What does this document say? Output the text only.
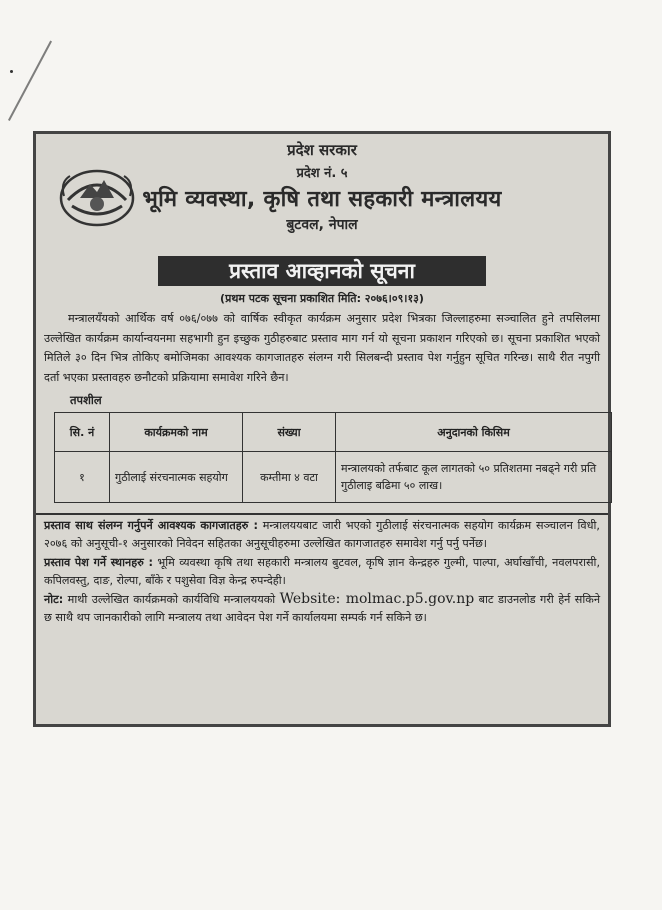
प्रदेश सरकार
प्रदेश नं. ५
भूमि व्यवस्था, कृषि तथा सहकारी मन्त्रालयय
बुटवल, नेपाल
प्रस्ताव आव्हानको सूचना
(प्रथम पटक सूचना प्रकाशित मिति: २०७६।०९।१३)
मन्त्रालयँयको आर्थिक वर्ष ०७६/०७७ को वार्षिक स्वीकृत कार्यक्रम अनुसार प्रदेश भित्रका जिल्लाहरुमा सञ्चालित हुने तपसिलमा उल्लेखित कार्यक्रम कार्यान्वयनमा सहभागी हुन इच्छुक गुठीहरुबाट प्रस्ताव माग गर्न यो सूचना प्रकाशन गरिएको छ। सूचना प्रकाशित भएको मितिले ३० दिन भित्र तोकिए बमोजिमका आवश्यक कागजातहरु संलग्न गरी सिलबन्दी प्रस्ताव पेश गर्नुहुन सूचित गरिन्छ। साथै रीत नपुगी दर्ता भएका प्रस्तावहरु छनौटको प्रक्रियामा समावेश गरिने छैन।
तपशील
सि. नं	कार्यक्रमको नाम	संख्या	अनुदानको किसिम
१	गुठीलाई संरचनात्मक सहयोग	कम्तीमा ४ वटा	मन्त्रालयको तर्फबाट कूल लागतको ५० प्रतिशतमा नबढ्ने गरी प्रति गुठीलाइ बढिमा ५० लाख।
प्रस्ताव साथ संलग्न गर्नुपर्ने आवश्यक कागजातहरु : मन्त्रालययबाट जारी भएको गुठीलाई संरचनात्मक सहयोग कार्यक्रम सञ्चालन विधी, २०७६ को अनुसूची-१ अनुसारको निवेदन सहितका अनुसूचीहरुमा उल्लेखित कागजातहरु समावेश गर्नु पर्नु पर्नेछ।
प्रस्ताव पेश गर्ने स्थानहरु : भूमि व्यवस्था कृषि तथा सहकारी मन्त्रालय बुटवल, कृषि ज्ञान केन्द्रहरु गुल्मी, पाल्पा, अर्घाखाँची, नवलपरासी, कपिलवस्तु, दाङ, रोल्पा, बाँके र पशुसेवा विज्ञ केन्द्र रुपन्देही।
नोट: माथी उल्लेखित कार्यक्रमको कार्यविधि मन्त्रालययको Website: molmac.p5.gov.np बाट डाउनलोड गरी हेर्न सकिने छ साथै थप जानकारीको लागि मन्त्रालय तथा आवेदन पेश गर्ने कार्यालयमा सम्पर्क गर्न सकिने छ।
